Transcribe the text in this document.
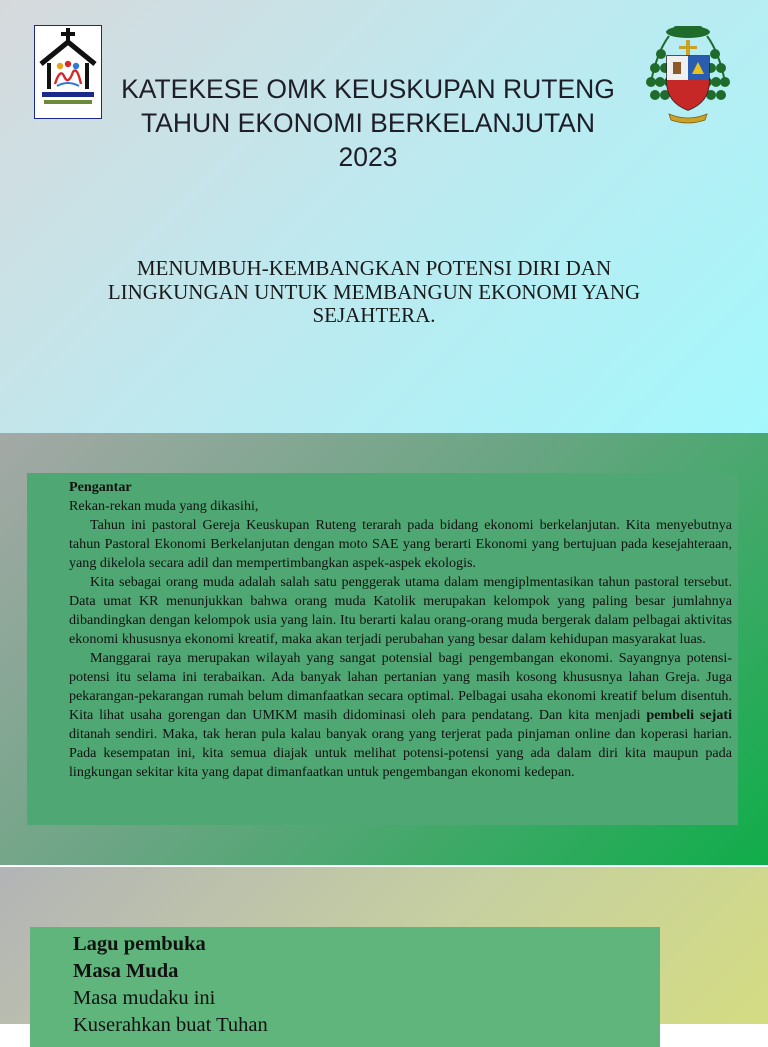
KATEKESE OMK KEUSKUPAN RUTENG
TAHUN EKONOMI BERKELANJUTAN
2023
MENUMBUH-KEMBANGKAN POTENSI DIRI DAN
LINGKUNGAN UNTUK MEMBANGUN EKONOMI YANG
SEJAHTERA.

Pengantar

Rekan-rekan muda yang dikasihi,

Tahun ini pastoral Gereja Keuskupan Ruteng terarah pada bidang ekonomi berkelanjutan. Kita menyebutnya tahun Pastoral Ekonomi Berkelanjutan dengan moto SAE yang berarti Ekonomi yang bertujuan pada kesejahteraan, yang dikelola secara adil dan mempertimbangkan aspek-aspek ekologis.

Kita sebagai orang muda adalah salah satu penggerak utama dalam mengiplmentasikan tahun pastoral tersebut. Data umat KR menunjukkan bahwa orang muda Katolik merupakan kelompok yang paling besar jumlahnya dibandingkan dengan kelompok usia yang lain. Itu berarti kalau orang-orang muda bergerak dalam pelbagai aktivitas ekonomi khususnya ekonomi kreatif, maka akan terjadi perubahan yang besar dalam kehidupan masyarakat luas.

Manggarai raya merupakan wilayah yang sangat potensial bagi pengembangan ekonomi. Sayangnya potensi-potensi itu selama ini terabaikan. Ada banyak lahan pertanian yang masih kosong khususnya lahan Greja. Juga pekarangan-pekarangan rumah belum dimanfaatkan secara optimal. Pelbagai usaha ekonomi kreatif belum disentuh. Kita lihat usaha gorengan dan UMKM masih didominasi oleh para pendatang. Dan kita menjadi pembeli sejati ditanah sendiri. Maka, tak heran pula kalau banyak orang yang terjerat pada pinjaman online dan koperasi harian. Pada kesempatan ini, kita semua diajak untuk melihat potensi-potensi yang ada dalam diri kita maupun pada lingkungan sekitar kita yang dapat dimanfaatkan untuk pengembangan ekonomi kedepan.

Lagu pembuka
Masa Muda
Masa mudaku ini
Kuserahkan buat Tuhan
